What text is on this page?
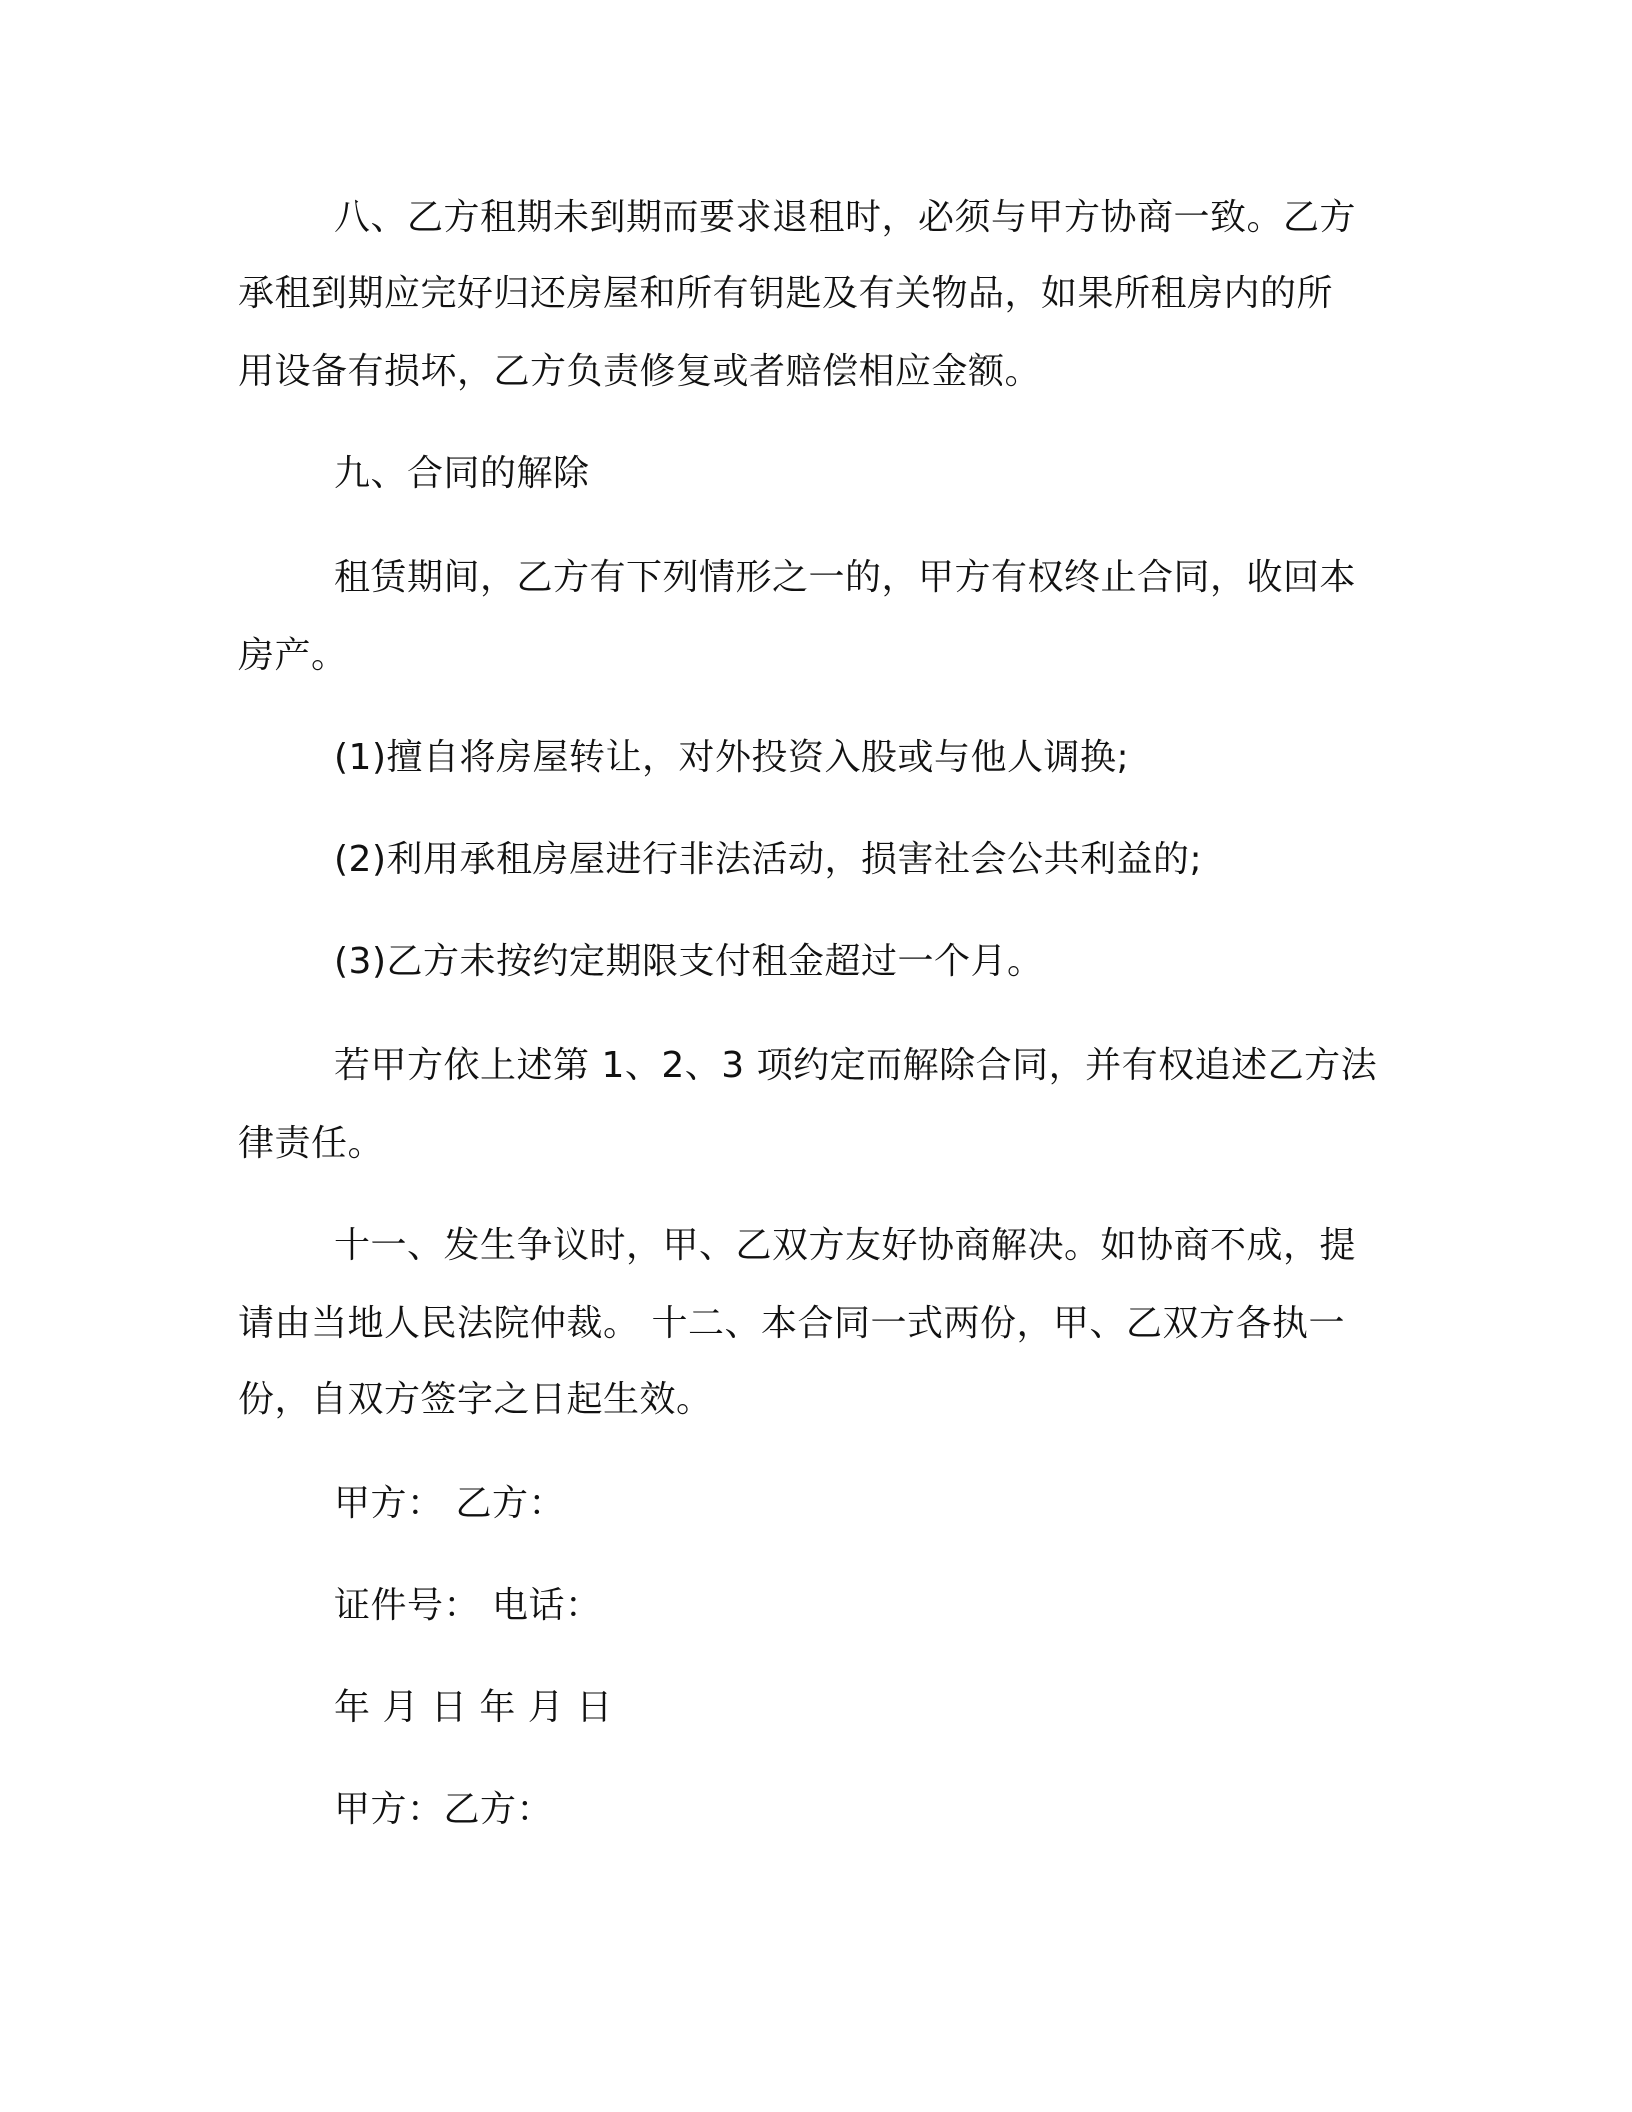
八、乙方租期未到期而要求退租时，必须与甲方协商一致。乙方
承租到期应完好归还房屋和所有钥匙及有关物品，如果所租房内的所
用设备有损坏，乙方负责修复或者赔偿相应金额。
九、合同的解除
租赁期间，乙方有下列情形之一的，甲方有权终止合同，收回本
房产。
(1)擅自将房屋转让，对外投资入股或与他人调换;
(2)利用承租房屋进行非法活动，损害社会公共利益的;
(3)乙方未按约定期限支付租金超过一个月。
若甲方依上述第 1、2、3 项约定而解除合同，并有权追述乙方法
律责任。
十一、发生争议时，甲、乙双方友好协商解决。如协商不成，提
请由当地人民法院仲裁。 十二、本合同一式两份，甲、乙双方各执一
份，自双方签字之日起生效。
甲方： 乙方：
证件号： 电话：
年 月 日 年 月 日
甲方：乙方：
